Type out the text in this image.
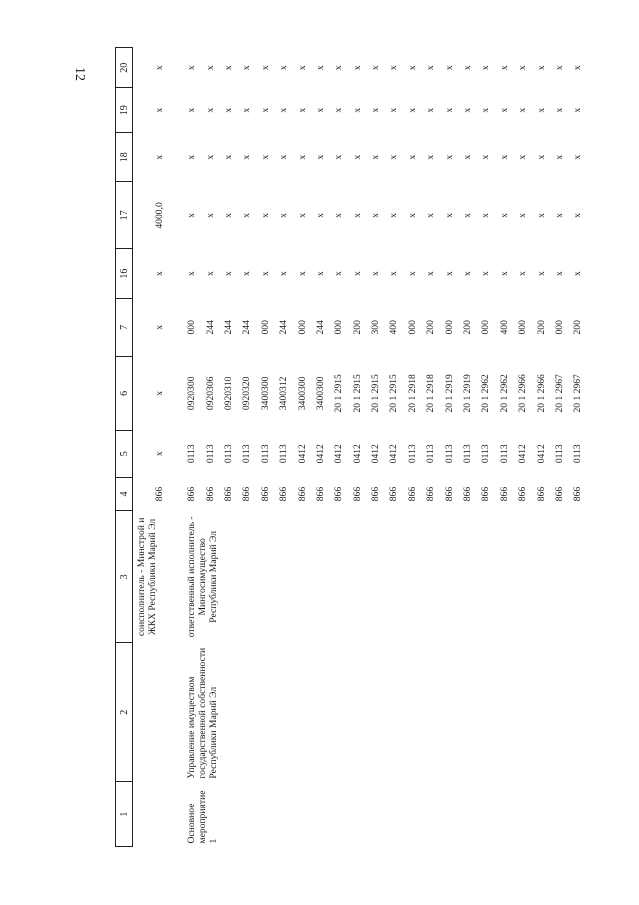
12
1	2	3	4	5	6	7	16	17	18	19	20
		соисполнитель - Минстрой и ЖКХ Республики Марий Эл	866	х	х	х	х	4000,0	х	х	х
Основное мероприятие 1	Управление имуществом государственной собственности Республики Марий Эл	ответственный исполнитель - Мингосимущество Республики Марий Эл	866	0113	0920300	000	х	х	х	х	х
			866	0113	0920306	244	х	х	х	х	х
			866	0113	0920310	244	х	х	х	х	х
			866	0113	0920320	244	х	х	х	х	х
			866	0113	3400300	000	х	х	х	х	х
			866	0113	3400312	244	х	х	х	х	х
			866	0412	3400300	000	х	х	х	х	х
			866	0412	3400300	244	х	х	х	х	х
			866	0412	20 1 2915	000	х	х	х	х	х
			866	0412	20 1 2915	200	х	х	х	х	х
			866	0412	20 1 2915	300	х	х	х	х	х
			866	0412	20 1 2915	400	х	х	х	х	х
			866	0113	20 1 2918	000	х	х	х	х	х
			866	0113	20 1 2918	200	х	х	х	х	х
			866	0113	20 1 2919	000	х	х	х	х	х
			866	0113	20 1 2919	200	х	х	х	х	х
			866	0113	20 1 2962	000	х	х	х	х	х
			866	0113	20 1 2962	400	х	х	х	х	х
			866	0412	20 1 2966	000	х	х	х	х	х
			866	0412	20 1 2966	200	х	х	х	х	х
			866	0113	20 1 2967	000	х	х	х	х	х
			866	0113	20 1 2967	200	х	х	х	х	х
